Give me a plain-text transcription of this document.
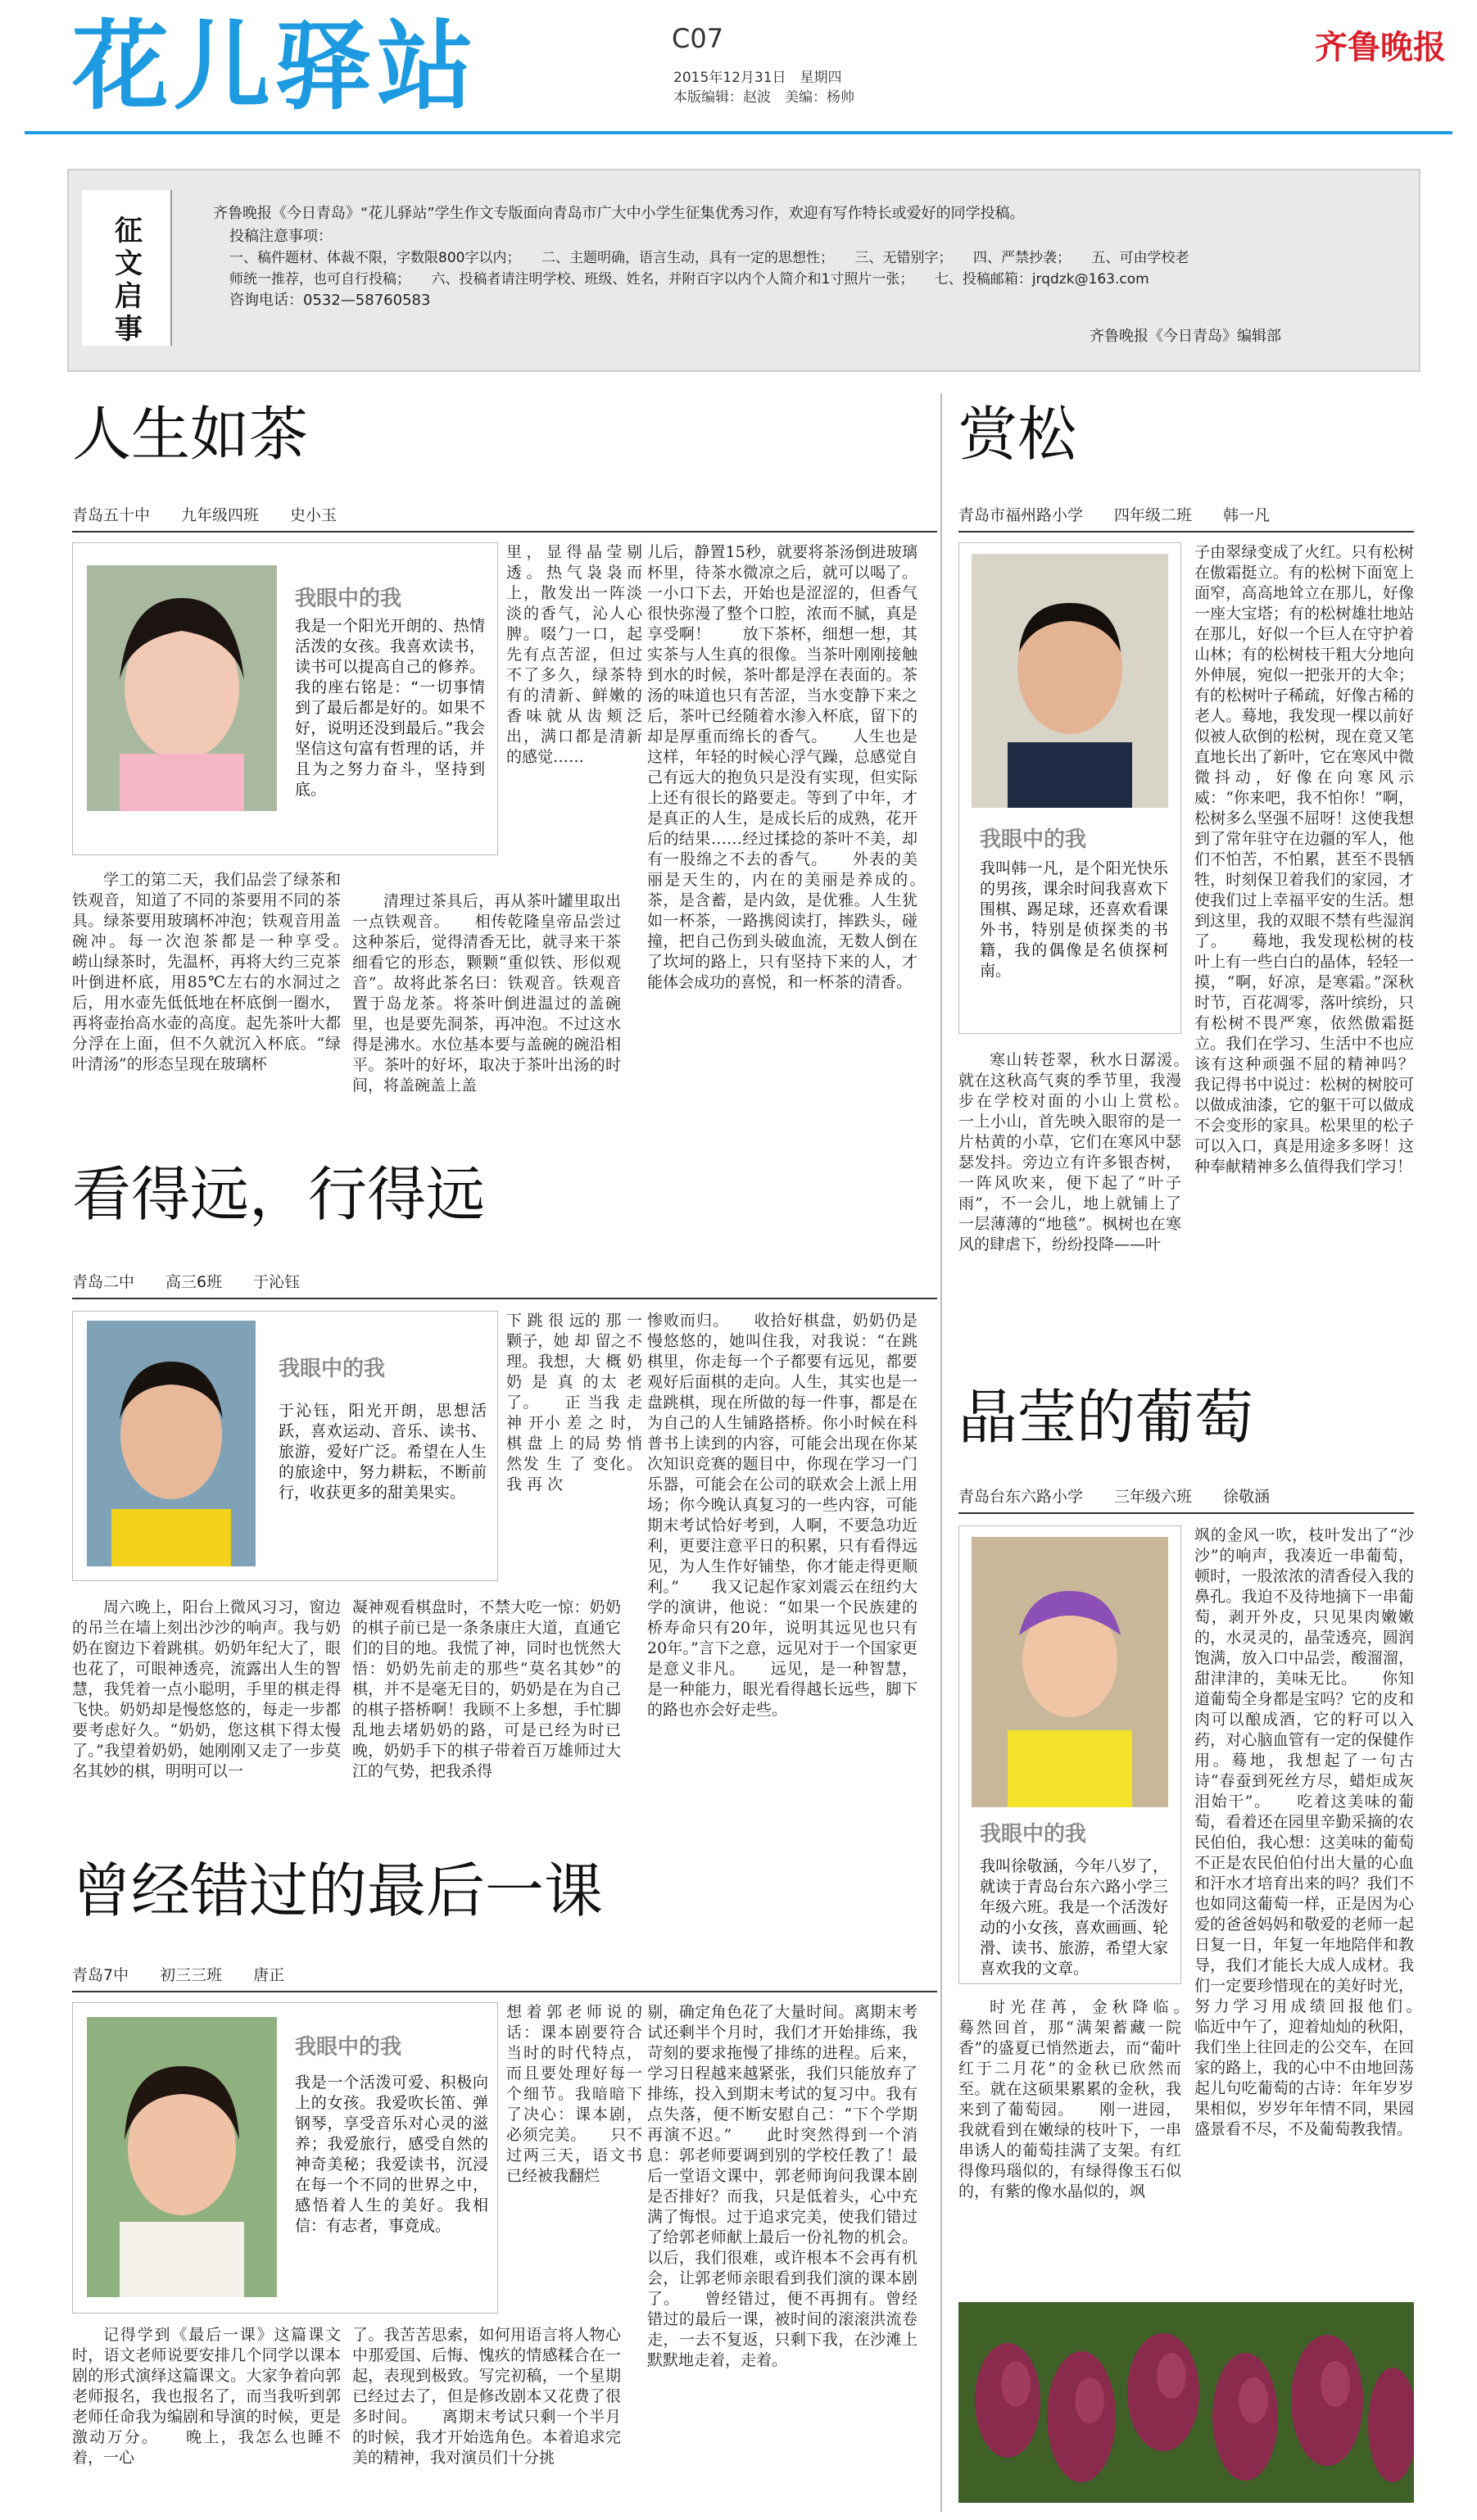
花儿驿站	C07
2015年12月31日　星期四
本版编辑：赵波　美编：杨帅
齐鲁晚报
征文启事
齐鲁晚报《今日青岛》“花儿驿站”学生作文专版面向青岛市广大中小学生征集优秀习作，欢迎有写作特长或爱好的同学投稿。
投稿注意事项：
一、稿件题材、体裁不限，字数限800字以内；　　二、主题明确，语言生动，具有一定的思想性；　　三、无错别字；　　四、严禁抄袭；　　五、可由学校老
师统一推荐，也可自行投稿；　　六、投稿者请注明学校、班级、姓名，并附百字以内个人简介和1寸照片一张；　　七、投稿邮箱：jrqdzk@163.com
咨询电话：0532—58760583
齐鲁晚报《今日青岛》编辑部
人生如茶
青岛五十中　　九年级四班　　史小玉
我眼中的我
我是一个阳光开朗的、热情活泼的女孩。我喜欢读书，读书可以提高自己的修养。我的座右铭是：“一切事情到了最后都是好的。如果不好，说明还没到最后。”我会坚信这句富有哲理的话，并且为之努力奋斗，坚持到底。
里，显得晶莹剔透。热气袅袅而上，散发出一阵淡淡的香气，沁人心脾。啜勹一口，起先有点苦涩，但过不了多久，绿茶特有的清新、鲜嫩的香味就从齿颊泛出，满口都是清新的感觉……
学工的第二天，我们品尝了绿茶和铁观音，知道了不同的茶要用不同的茶具。绿茶要用玻璃杯冲泡；铁观音用盖碗冲。每一次泡茶都是一种享受。　　崂山绿茶时，先温杯，再将大约三克茶叶倒进杯底，用85℃左右的水洞过之后，用水壶先低低地在杯底倒一圈水，再将壶抬高水壶的高度。起先茶叶大都分浮在上面，但不久就沉入杯底。“绿叶清汤”的形态呈现在玻璃杯
清理过茶具后，再从茶叶罐里取出一点铁观音。　　相传乾隆皇帝品尝过这种茶后，觉得清香无比，就寻来干茶细看它的形态，颗颗“重似铁、形似观音”。故将此茶名曰：铁观音。铁观音置于岛龙茶。将茶叶倒进温过的盖碗里，也是要先洞茶，再冲泡。不过这水得是沸水。水位基本要与盖碗的碗沿相平。茶叶的好坏，取决于茶叶出汤的时间，将盖碗盖上盖
儿后，静置15秒，就要将茶汤倒进玻璃杯里，待茶水微凉之后，就可以喝了。一小口下去，开始也是涩涩的，但香气很快弥漫了整个口腔，浓而不腻，真是享受啊！　　放下茶杯，细想一想，其实茶与人生真的很像。当茶叶刚刚接触到水的时候，茶叶都是浮在表面的。茶汤的味道也只有苦涩，当水变静下来之后，茶叶已经随着水渗入杯底，留下的却是厚重而绵长的香气。　　人生也是这样，年轻的时候心浮气躁，总感觉自己有远大的抱负只是没有实现，但实际上还有很长的路要走。等到了中年，才是真正的人生，是成长后的成熟，花开后的结果……经过揉捻的茶叶不美，却有一股绵之不去的香气。　　外表的美丽是天生的，内在的美丽是养成的。　　茶，是含蓄，是内敛，是优雅。人生犹如一杯茶，一路携阅读打，摔跌头，碰撞，把自己伤到头破血流，无数人倒在了坎坷的路上，只有坚持下来的人，才能体会成功的喜悦，和一杯茶的清香。
看得远，行得远
青岛二中　　高三6班　　于沁钰
我眼中的我
于沁钰，阳光开朗，思想活跃，喜欢运动、音乐、读书、旅游，爱好广泛。希望在人生的旅途中，努力耕耘，不断前行，收获更多的甜美果实。
下 跳 很 远的 那 一 颗子，她 却 留之不 理。我想，大 概 奶奶 是 真 的太 老 了。　　正 当我 走 神 开小 差 之 时，棋 盘 上 的局 势 悄 然发 生 了 变化。我 再 次
周六晚上，阳台上微风习习，窗边的吊兰在墙上刻出沙沙的响声。我与奶奶在窗边下着跳棋。奶奶年纪大了，眼也花了，可眼神透亮，流露出人生的智慧，我凭着一点小聪明，手里的棋走得飞快。奶奶却是慢悠悠的，每走一步都要考虑好久。“奶奶，您这棋下得太慢了。”我望着奶奶，她刚刚又走了一步莫名其妙的棋，明明可以一
凝神观看棋盘时，不禁大吃一惊：奶奶的棋子前已是一条条康庄大道，直通它们的目的地。我慌了神，同时也恍然大悟：奶奶先前走的那些“莫名其妙”的棋，并不是毫无目的，奶奶是在为自己的棋子搭桥啊！我顾不上多想，手忙脚乱地去堵奶奶的路，可是已经为时已晚，奶奶手下的棋子带着百万雄师过大江的气势，把我杀得
惨败而归。　　收拾好棋盘，奶奶仍是慢悠悠的，她叫住我，对我说：“在跳棋里，你走每一个子都要有远见，都要观好后面棋的走向。人生，其实也是一盘跳棋，现在所做的每一件事，都是在为自己的人生铺路搭桥。你小时候在科普书上读到的内容，可能会出现在你某次知识竞赛的题目中，你现在学习一门乐器，可能会在公司的联欢会上派上用场；你今晚认真复习的一些内容，可能期末考试恰好考到，人啊，不要急功近利，更要注意平日的积累，只有看得远见，为人生作好铺垫，你才能走得更顺利。”　　我又记起作家刘震云在纽约大学的演讲，他说：“如果一个民族建的桥寿命只有20年，说明其远见也只有20年。”言下之意，远见对于一个国家更是意义非凡。　　远见，是一种智慧，是一种能力，眼光看得越长远些，脚下的路也亦会好走些。
曾经错过的最后一课
青岛7中　　初三三班　　唐正
我眼中的我
我是一个活泼可爱、积极向上的女孩。我爱吹长笛、弹钢琴，享受音乐对心灵的滋养；我爱旅行，感受自然的神奇美秘；我爱读书，沉浸在每一个不同的世界之中，感悟着人生的美好。我相信：有志者，事竟成。
想着郭老师说的话：课本剧要符合当时的时代特点，而且要处理好每一个细节。我暗暗下了决心：课本剧，必须完美。　　只不过两三天，语文书已经被我翻烂
记得学到《最后一课》这篇课文时，语文老师说要安排几个同学以课本剧的形式演绎这篇课文。大家争着向郭老师报名，我也报名了，而当我听到郭老师任命我为编剧和导演的时候，更是激动万分。　　晚上，我怎么也睡不着，一心
了。我苦苦思索，如何用语言将人物心中那爱国、后悔、愧疚的情感糅合在一起，表现到极致。写完初稿，一个星期已经过去了，但是修改剧本又花费了很多时间。　　离期末考试只剩一个半月的时候，我才开始选角色。本着追求完美的精神，我对演员们十分挑
剔，确定角色花了大量时间。离期末考试还剩半个月时，我们才开始排练，我苛刻的要求拖慢了排练的进程。后来，学习日程越来越紧张，我们只能放弃了排练，投入到期末考试的复习中。我有点失落，便不断安慰自己：“下个学期再演不迟。”　　此时突然得到一个消息：郭老师要调到别的学校任教了！最后一堂语文课中，郭老师询问我课本剧是否排好？而我，只是低着头，心中充满了悔恨。过于追求完美，使我们错过了给郭老师献上最后一份礼物的机会。以后，我们很难，或许根本不会再有机会，让郭老师亲眼看到我们演的课本剧了。　　曾经错过，便不再拥有。曾经错过的最后一课，被时间的滚滚洪流卷走，一去不复返，只剩下我，在沙滩上默默地走着，走着。
赏松
青岛市福州路小学　　四年级二班　　韩一凡
我眼中的我
我叫韩一凡，是个阳光快乐的男孩，课余时间我喜欢下围棋、踢足球，还喜欢看课外书，特别是侦探类的书籍，我的偶像是名侦探柯南。
子由翠绿变成了火红。只有松树在傲霜挺立。有的松树下面宽上面窄，高高地耸立在那儿，好像一座大宝塔；有的松树雄壮地站在那儿，好似一个巨人在守护着山林；有的松树枝干粗大分地向外伸展，宛似一把张开的大伞；有的松树叶子稀疏，好像古稀的老人。蓦地，我发现一棵以前好似被人砍倒的松树，现在竟又笔直地长出了新叶，它在寒风中微微抖动，好像在向寒风示威：“你来吧，我不怕你！”啊，松树多么坚强不屈呀！这使我想到了常年驻守在边疆的军人，他们不怕苦，不怕累，甚至不畏牺牲，时刻保卫着我们的家园，才使我们过上幸福平安的生活。想到这里，我的双眼不禁有些湿润了。　　蓦地，我发现松树的枝叶上有一些白白的晶体，轻轻一摸，“啊，好凉，是寒霜。”深秋时节，百花凋零，落叶缤纷，只有松树不畏严寒，依然傲霜挺立。我们在学习、生活中不也应该有这种顽强不屈的精神吗？　　我记得书中说过：松树的树胶可以做成油漆，它的躯干可以做成不会变形的家具。松果里的松子可以入口，真是用途多多呀！这种奉献精神多么值得我们学习！
寒山转苍翠，秋水日潺湲。　　就在这秋高气爽的季节里，我漫步在学校对面的小山上赏松。　　一上小山，首先映入眼帘的是一片枯黄的小草，它们在寒风中瑟瑟发抖。旁边立有许多银杏树，一阵风吹来，便下起了“叶子雨”，不一会儿，地上就铺上了一层薄薄的“地毯”。枫树也在寒风的肆虐下，纷纷投降——叶
晶莹的葡萄
青岛台东六路小学　　三年级六班　　徐敬涵
我眼中的我
我叫徐敬涵，今年八岁了，就读于青岛台东六路小学三年级六班。我是一个活泼好动的小女孩，喜欢画画、轮滑、读书、旅游，希望大家喜欢我的文章。
飒的金风一吹，枝叶发出了“沙沙”的响声，我凑近一串葡萄，顿时，一股浓浓的清香侵入我的鼻孔。我迫不及待地摘下一串葡萄，剥开外皮，只见果肉嫩嫩的，水灵灵的，晶莹透亮，圆润饱满，放入口中品尝，酸溜溜，甜津津的，美味无比。　　你知道葡萄全身都是宝吗？它的皮和肉可以酿成酒，它的籽可以入药，对心脑血管有一定的保健作用。蓦地，我想起了一句古诗“春蚕到死丝方尽，蜡炬成灰泪始干”。　　吃着这美味的葡萄，看着还在园里辛勤采摘的农民伯伯，我心想：这美味的葡萄不正是农民伯伯付出大量的心血和汗水才培育出来的吗？我们不也如同这葡萄一样，正是因为心爱的爸爸妈妈和敬爱的老师一起日复一日，年复一年地陪伴和教导，我们才能长大成人成材。我们一定要珍惜现在的美好时光，努力学习用成绩回报他们。　　临近中午了，迎着灿灿的秋阳，我们坐上往回走的公交车，在回家的路上，我的心中不由地回荡起儿句吃葡萄的古诗：年年岁岁果相似，岁岁年年情不同，果园盛景看不尽，不及葡萄教我情。
时光荏苒，金秋降临。　　蓦然回首，那“满架蓄藏一院香”的盛夏已悄然逝去，而“葡叶红于二月花”的金秋已欣然而至。就在这硕果累累的金秋，我来到了葡萄园。　　刚一进园，我就看到在嫩绿的枝叶下，一串串诱人的葡萄挂满了支架。有红得像玛瑙似的，有绿得像玉石似的，有紫的像水晶似的，飒
